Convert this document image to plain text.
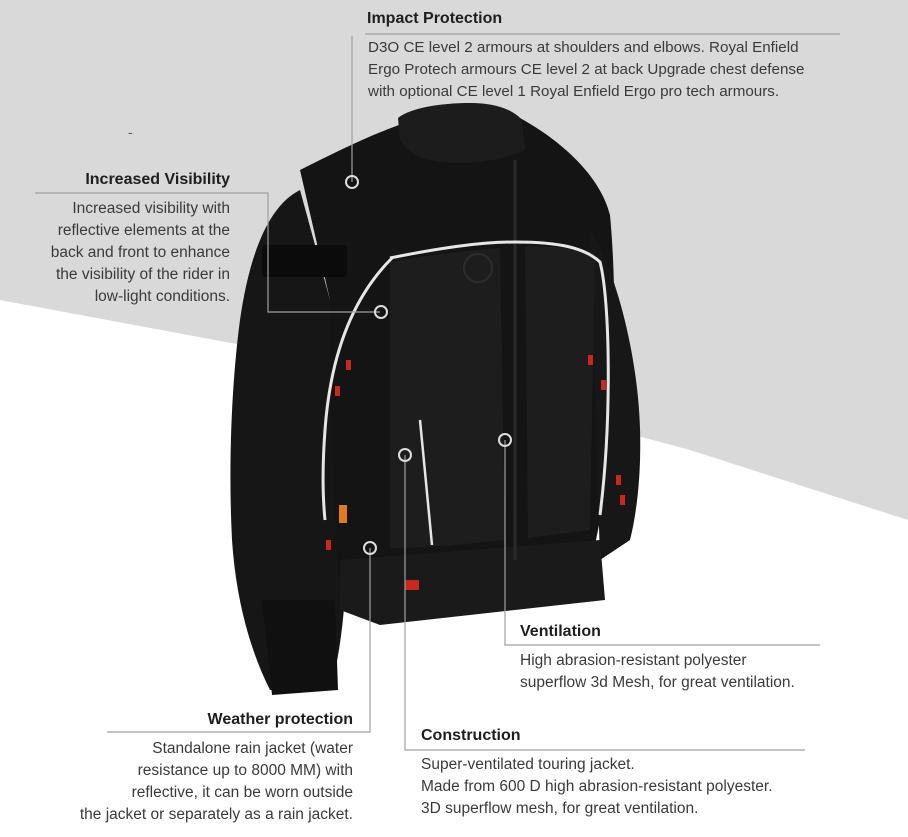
-
Impact Protection
D3O CE level 2 armours at shoulders and elbows. Royal Enfield
Ergo Protech armours CE level 2 at back Upgrade chest defense
with optional CE level 1 Royal Enfield Ergo pro tech armours.
Increased Visibility
Increased visibility with
reflective elements at the
back and front to enhance
the visibility of the rider in
low-light conditions.
Ventilation
High abrasion-resistant polyester
superflow 3d Mesh, for great ventilation.
Weather protection
Standalone rain jacket (water
resistance up to 8000 MM) with
reflective, it can be worn outside
the jacket or separately as a rain jacket.
Construction
Super-ventilated touring jacket.
Made from 600 D high abrasion-resistant polyester.
3D superflow mesh, for great ventilation.
